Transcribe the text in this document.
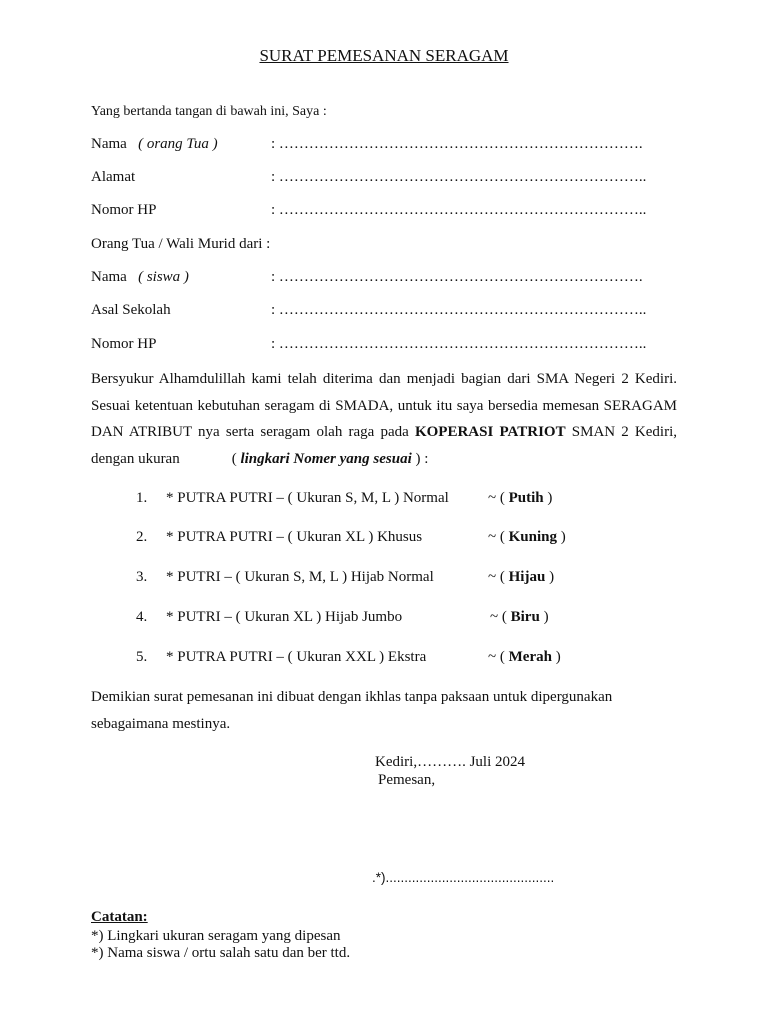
SURAT PEMESANAN SERAGAM
Yang bertanda tangan di bawah ini, Saya :
Nama ( orang Tua )	: ……………………………………………………………….
Alamat	: ………………………………………………………………..
Nomor HP	: ………………………………………………………………..
Orang Tua / Wali Murid dari :
Nama ( siswa )	: ……………………………………………………………….
Asal Sekolah	: ………………………………………………………………..
Nomor HP	: ………………………………………………………………..
Bersyukur Alhamdulillah kami telah diterima dan menjadi bagian dari SMA Negeri 2 Kediri. Sesuai ketentuan kebutuhan seragam di SMADA, untuk itu saya bersedia memesan SERAGAM DAN ATRIBUT nya serta seragam olah raga pada KOPERASI PATRIOT SMAN 2 Kediri, dengan ukuran	( lingkari Nomer yang sesuai ) :
1. * PUTRA PUTRI – ( Ukuran S, M, L ) Normal	~ ( Putih )
2. * PUTRA PUTRI – ( Ukuran XL ) Khusus	~ ( Kuning )
3. * PUTRI – ( Ukuran S, M, L ) Hijab Normal	~ ( Hijau )
4. * PUTRI – ( Ukuran XL ) Hijab Jumbo	~ ( Biru )
5. * PUTRA PUTRI – ( Ukuran XXL ) Ekstra	~ ( Merah )
Demikian surat pemesanan ini dibuat dengan ikhlas tanpa paksaan untuk dipergunakan sebagaimana mestinya.
Kediri,………. Juli 2024
Pemesan,
.*).............................................
Catatan:
*) Lingkari ukuran seragam yang dipesan
*) Nama siswa / ortu salah satu dan ber ttd.
